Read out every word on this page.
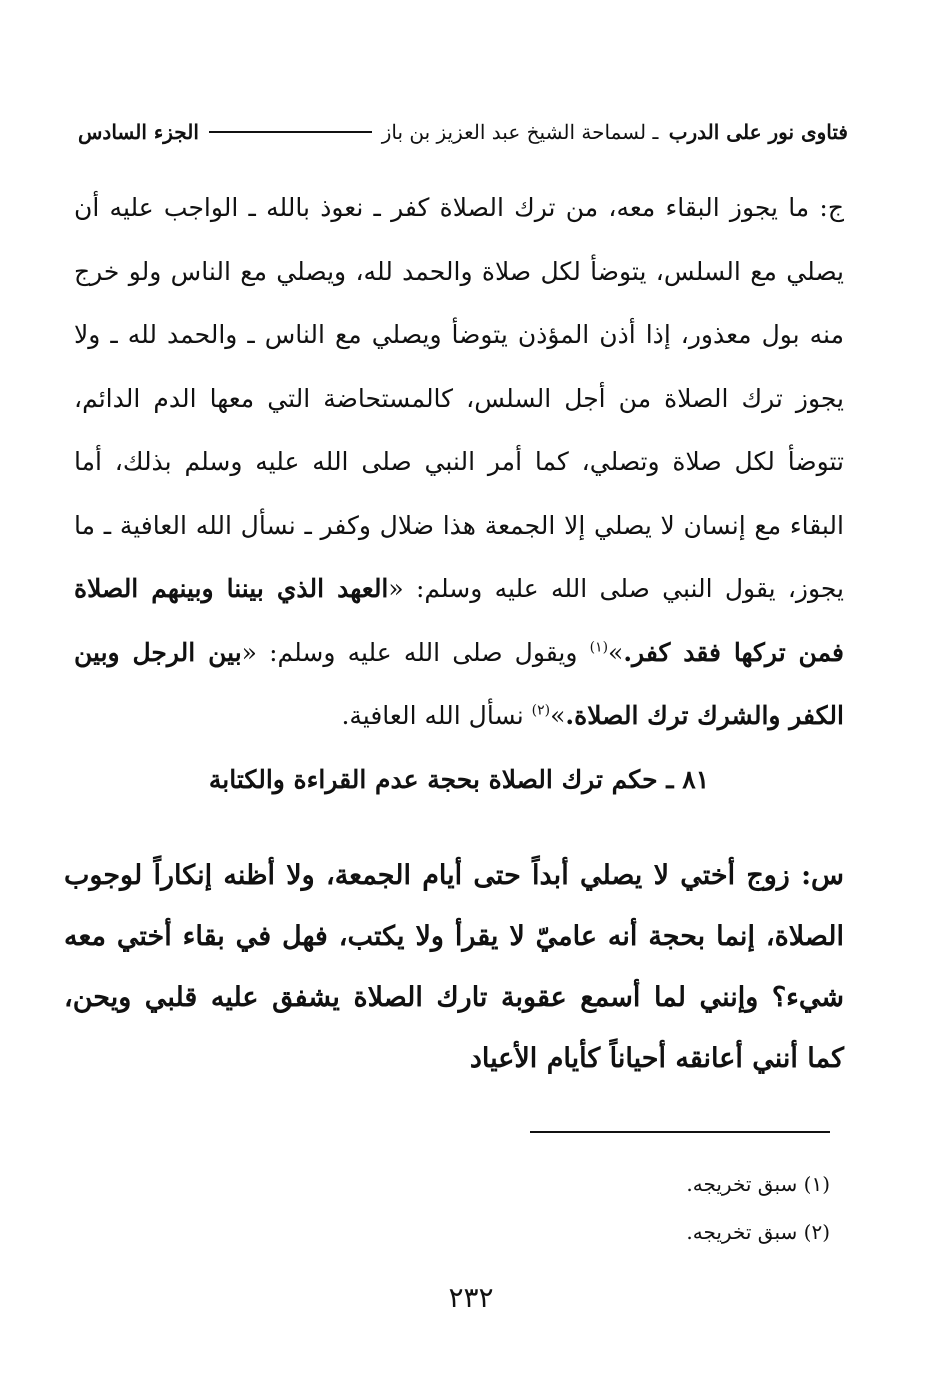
فتاوى نور على الدرب ـ لسماحة الشيخ عبد العزيز بن باز
الجزء السادس

ج: ما يجوز البقاء معه، من ترك الصلاة كفر ـ نعوذ بالله ـ الواجب عليه أن يصلي مع السلس، يتوضأ لكل صلاة والحمد لله، ويصلي مع الناس ولو خرج منه بول معذور، إذا أذن المؤذن يتوضأ ويصلي مع الناس ـ والحمد لله ـ ولا يجوز ترك الصلاة من أجل السلس، كالمستحاضة التي معها الدم الدائم، تتوضأ لكل صلاة وتصلي، كما أمر النبي صلى الله عليه وسلم بذلك، أما البقاء مع إنسان لا يصلي إلا الجمعة هذا ضلال وكفر ـ نسأل الله العافية ـ ما يجوز، يقول النبي صلى الله عليه وسلم: «العهد الذي بيننا وبينهم الصلاة فمن تركها فقد كفر.»$^{(١)}$ ويقول صلى الله عليه وسلم: «بين الرجل وبين الكفر والشرك ترك الصلاة.»$^{(٢)}$ نسأل الله العافية.

٨١ ـ حكم ترك الصلاة بحجة عدم القراءة والكتابة

س: زوج أختي لا يصلي أبداً حتى أيام الجمعة، ولا أظنه إنكاراً لوجوب الصلاة، إنما بحجة أنه عاميّ لا يقرأ ولا يكتب، فهل في بقاء أختي معه شيء؟ وإنني لما أسمع عقوبة تارك الصلاة يشفق عليه قلبي ويحن، كما أنني أعانقه أحياناً كأيام الأعياد

(١) سبق تخريجه.
(٢) سبق تخريجه.
٢٣٢
